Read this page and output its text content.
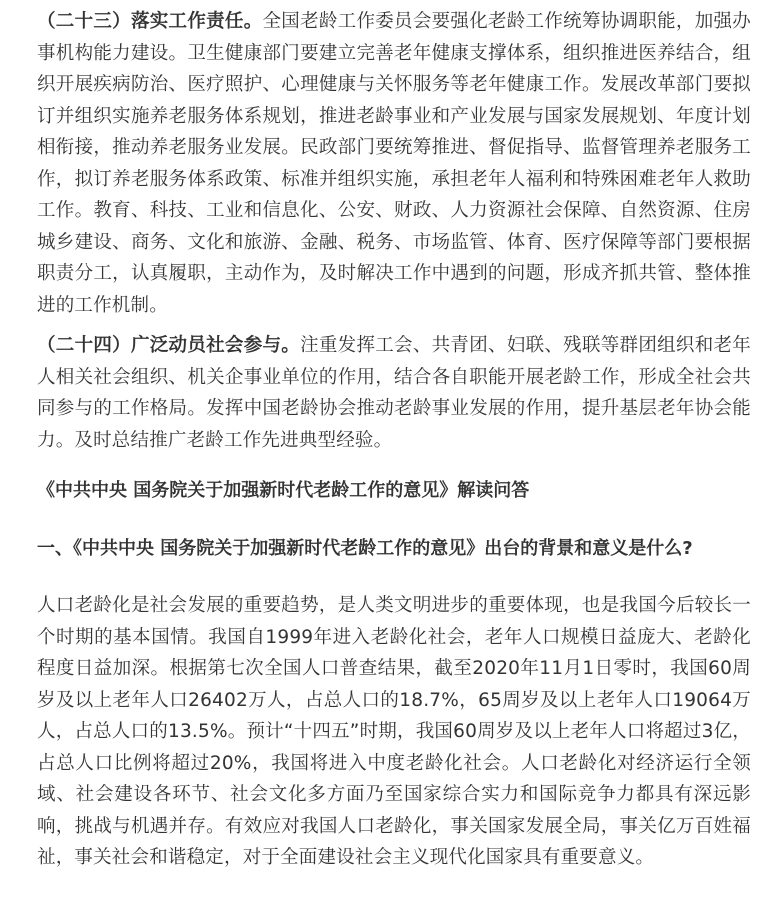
（二十三）落实工作责任。全国老龄工作委员会要强化老龄工作统筹协调职能，加强办事机构能力建设。卫生健康部门要建立完善老年健康支撑体系，组织推进医养结合，组织开展疾病防治、医疗照护、心理健康与关怀服务等老年健康工作。发展改革部门要拟订并组织实施养老服务体系规划，推进老龄事业和产业发展与国家发展规划、年度计划相衔接，推动养老服务业发展。民政部门要统筹推进、督促指导、监督管理养老服务工作，拟订养老服务体系政策、标准并组织实施，承担老年人福利和特殊困难老年人救助工作。教育、科技、工业和信息化、公安、财政、人力资源社会保障、自然资源、住房城乡建设、商务、文化和旅游、金融、税务、市场监管、体育、医疗保障等部门要根据职责分工，认真履职，主动作为，及时解决工作中遇到的问题，形成齐抓共管、整体推进的工作机制。

（二十四）广泛动员社会参与。注重发挥工会、共青团、妇联、残联等群团组织和老年人相关社会组织、机关企事业单位的作用，结合各自职能开展老龄工作，形成全社会共同参与的工作格局。发挥中国老龄协会推动老龄事业发展的作用，提升基层老年协会能力。及时总结推广老龄工作先进典型经验。

《中共中央 国务院关于加强新时代老龄工作的意见》解读问答

一、《中共中央 国务院关于加强新时代老龄工作的意见》出台的背景和意义是什么?

人口老龄化是社会发展的重要趋势，是人类文明进步的重要体现，也是我国今后较长一个时期的基本国情。我国自1999年进入老龄化社会，老年人口规模日益庞大、老龄化程度日益加深。根据第七次全国人口普查结果，截至2020年11月1日零时，我国60周岁及以上老年人口26402万人，占总人口的18.7%，65周岁及以上老年人口19064万人，占总人口的13.5%。预计“十四五”时期，我国60周岁及以上老年人口将超过3亿，占总人口比例将超过20%，我国将进入中度老龄化社会。人口老龄化对经济运行全领域、社会建设各环节、社会文化多方面乃至国家综合实力和国际竞争力都具有深远影响，挑战与机遇并存。有效应对我国人口老龄化，事关国家发展全局，事关亿万百姓福祉，事关社会和谐稳定，对于全面建设社会主义现代化国家具有重要意义。
